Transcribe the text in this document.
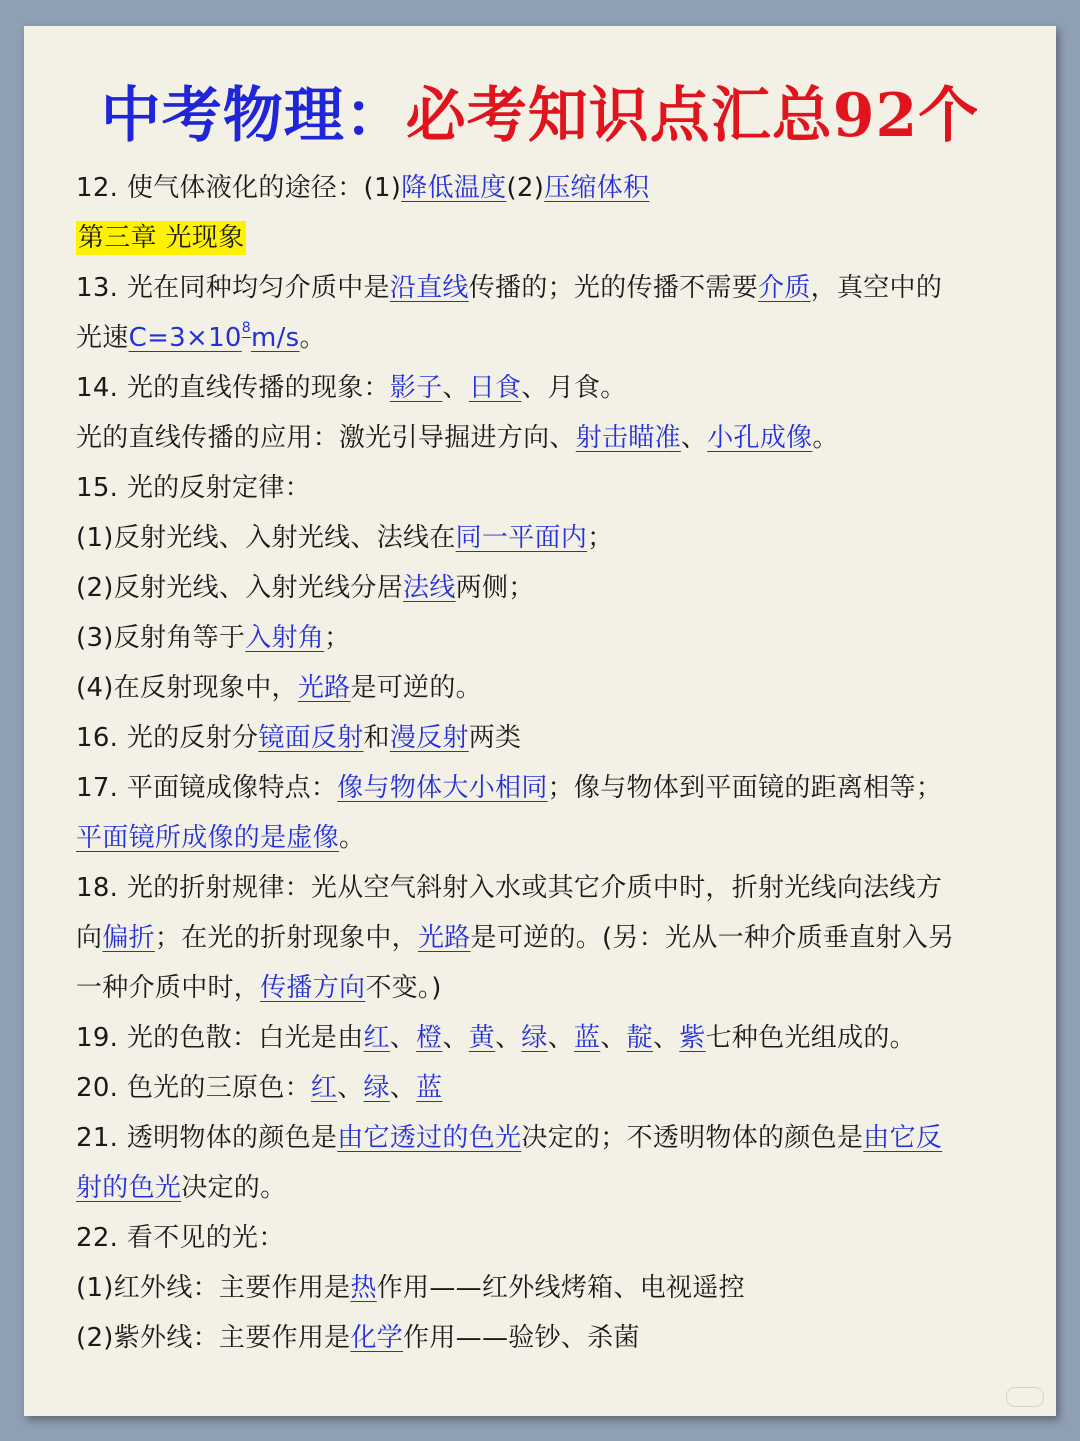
中考物理：必考知识点汇总92个
12. 使气体液化的途径：(1)降低温度(2)压缩体积
第三章 光现象
13. 光在同种均匀介质中是沿直线传播的；光的传播不需要介质，真空中的
光速$C=3\times 10^8m/s$。
14. 光的直线传播的现象：影子、日食、月食。
光的直线传播的应用：激光引导掘进方向、射击瞄准、小孔成像。
15. 光的反射定律：
(1)反射光线、入射光线、法线在同一平面内；
(2)反射光线、入射光线分居法线两侧；
(3)反射角等于入射角；
(4)在反射现象中，光路是可逆的。
16. 光的反射分镜面反射和漫反射两类
17. 平面镜成像特点：像与物体大小相同；像与物体到平面镜的距离相等；
平面镜所成像的是虚像。
18. 光的折射规律：光从空气斜射入水或其它介质中时，折射光线向法线方
向偏折；在光的折射现象中，光路是可逆的。(另：光从一种介质垂直射入另
一种介质中时，传播方向不变。)
19. 光的色散：白光是由红、橙、黄、绿、蓝、靛、紫七种色光组成的。
20. 色光的三原色：红、绿、蓝
21. 透明物体的颜色是由它透过的色光决定的；不透明物体的颜色是由它反
射的色光决定的。
22. 看不见的光：
(1)红外线：主要作用是热作用——红外线烤箱、电视遥控
(2)紫外线：主要作用是化学作用——验钞、杀菌
